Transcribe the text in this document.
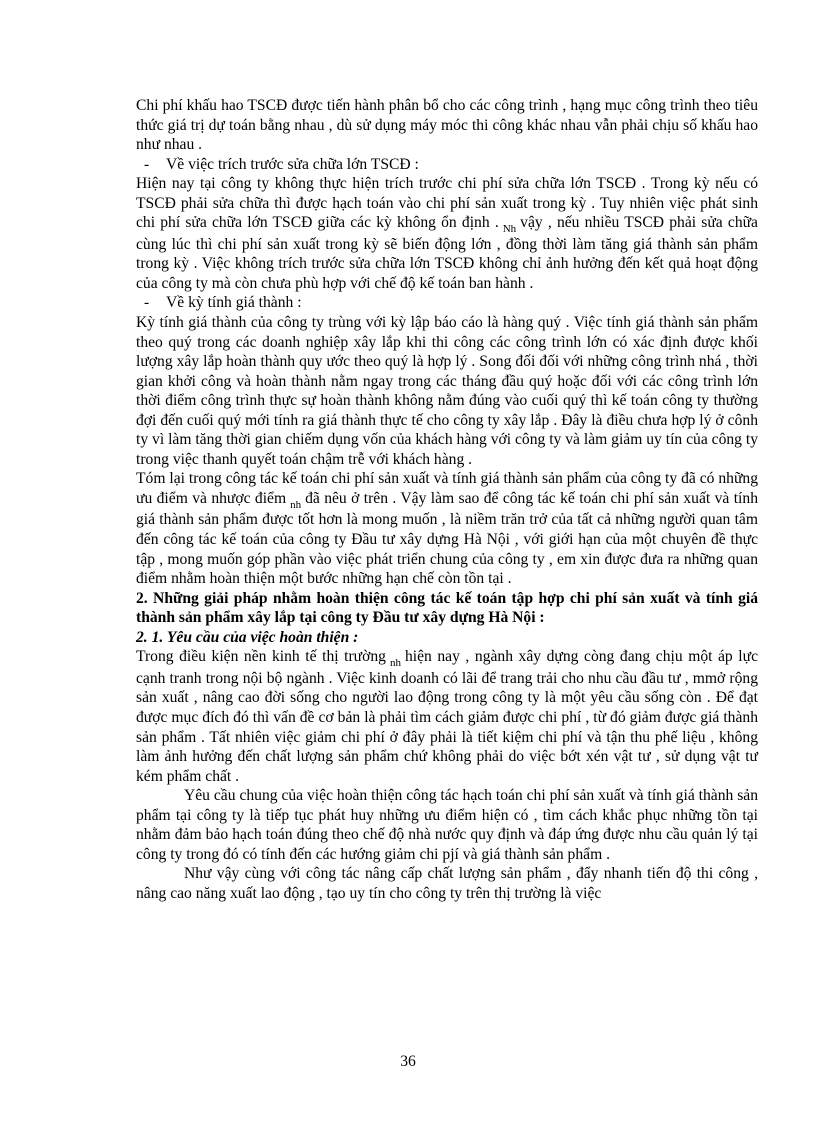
Chi phí khấu hao TSCĐ được tiến hành phân bổ cho các công trình , hạng mục công trình theo tiêu thức giá trị dự toán bằng nhau , dù sử dụng máy móc thi công khác nhau vẫn phải chịu số khấu hao như nhau .

- Về việc trích trước sửa chữa lớn TSCĐ :

Hiện nay tại công ty không thực hiện trích trước chi phí sửa chữa lớn TSCĐ . Trong kỳ nếu có TSCĐ phải sửa chữa thì được hạch toán vào chi phí sản xuất trong kỳ . Tuy nhiên việc phát sinh chi phí sửa chữa lớn TSCĐ giữa các kỳ không ổn định . $_{Nh}$ vậy , nếu nhiều TSCĐ phải sửa chữa cùng lúc thì chi phí sản xuất trong kỳ sẽ biến động lớn , đồng thời làm tăng giá thành sản phẩm trong kỳ . Việc không trích trước sửa chữa lớn TSCĐ không chỉ ảnh hưởng đến kết quả hoạt động của công ty mà còn chưa phù hợp với chế độ kế toán ban hành .

- Về kỳ tính giá thành :

Kỳ tính giá thành của công ty trùng với kỳ lập báo cáo là hàng quý . Việc tính giá thành sản phẩm theo quý trong các doanh nghiệp xây lắp khi thi công các công trình lớn có xác định được khối lượng xây lắp hoàn thành quy ước theo quý là hợp lý . Song đối đối với những công trình nhá , thời gian khởi công và hoàn thành nằm ngay trong các tháng đầu quý hoặc đối với các công trình lớn thời điểm công trình thực sự hoàn thành không nằm đúng vào cuối quý thì kế toán công ty thường đợi đến cuối quý mới tính ra giá thành thực tế cho công ty xây lắp . Đây là điều chưa hợp lý ở cônh ty vì làm tăng thời gian chiếm dụng vốn của khách hàng với công ty và làm giảm uy tín của công ty trong việc thanh quyết toán chậm trễ với khách hàng .

Tóm lại trong công tác kế toán chi phí sản xuất và tính giá thành sản phẩm của công ty đã có những ưu điểm và nhược điểm $_{nh}$ đã nêu ở trên . Vậy làm sao để công tác kế toán chi phí sản xuất và tính giá thành sản phẩm được tốt hơn là mong muốn , là niềm trăn trở của tất cả những người quan tâm đến công tác kế toán của công ty Đầu tư xây dựng Hà Nội , với giới hạn của một chuyên đề thực tập , mong muốn góp phần vào việc phát triển chung của công ty , em xin được đưa ra những quan điểm nhằm hoàn thiện một bước những hạn chế còn tồn tại .

2. Những giải pháp nhằm hoàn thiện công tác kế toán tập hợp chi phí sản xuất và tính giá thành sản phẩm xây lắp tại công ty Đầu tư xây dựng Hà Nội :

2. 1. Yêu cầu của việc hoàn thiện :

Trong điều kiện nền kinh tế thị trường $_{nh}$ hiện nay , ngành xây dựng còng đang chịu một áp lực cạnh tranh trong nội bộ ngành . Việc kinh doanh có lãi để trang trải cho nhu cầu đầu tư , mmở rộng sản xuất , nâng cao đời sống cho người lao động trong công ty là một yêu cầu sống còn . Để đạt được mục đích đó thì vấn đề cơ bản là phải tìm cách giảm được chi phí , từ đó giảm được giá thành sản phẩm . Tất nhiên việc giảm chi phí ở đây phải là tiết kiệm chi phí và tận thu phế liệu , không làm ảnh hưởng đến chất lượng sản phẩm chứ không phải do việc bớt xén vật tư , sử dụng vật tư kém phẩm chất .

Yêu cầu chung của việc hoàn thiện công tác hạch toán chi phí sản xuất và tính giá thành sản phẩm tại công ty là tiếp tục phát huy những ưu điểm hiện có , tìm cách khắc phục những tồn tại nhằm đảm bảo hạch toán đúng theo chế độ nhà nước quy định và đáp ứng được nhu cầu quản lý tại công ty trong đó có tính đến các hướng giảm chi pjí và giá thành sản phẩm .

Như vậy cùng với công tác nâng cấp chất lượng sản phẩm , đẩy nhanh tiến độ thi công , nâng cao năng xuất lao động , tạo uy tín cho công ty trên thị trường là việc

36
